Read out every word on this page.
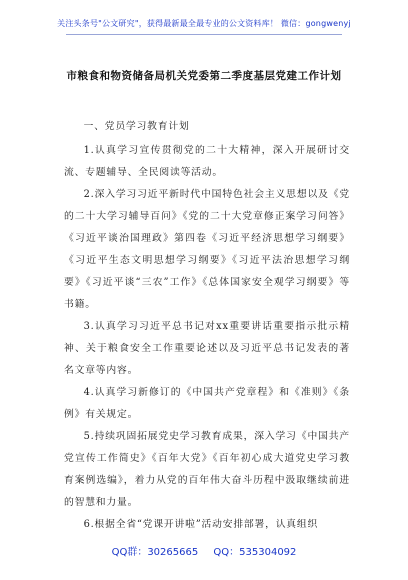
关注头条号"公文研究"，获得最新最全最专业的公文资料库！ 微信：gongwenyj
市粮食和物资储备局机关党委第二季度基层党建工作计划

一、党员学习教育计划

1.认真学习宣传贯彻党的二十大精神，深入开展研讨交流、专题辅导、全民阅读等活动。

2.深入学习习近平新时代中国特色社会主义思想以及《党的二十大学习辅导百问》《党的二十大党章修正案学习问答》《习近平谈治国理政》第四卷《习近平经济思想学习纲要》《习近平生态文明思想学习纲要》《习近平法治思想学习纲要》《习近平谈“三农”工作》《总体国家安全观学习纲要》等书籍。

3.认真学习习近平总书记对xx重要讲话重要指示批示精神、关于粮食安全工作重要论述以及习近平总书记发表的著名文章等内容。

4.认真学习新修订的《中国共产党章程》和《准则》《条例》有关规定。

5.持续巩固拓展党史学习教育成果，深入学习《中国共产党宣传工作简史》《百年大党》《百年初心成大道党史学习教育案例选编》，着力从党的百年伟大奋斗历程中汲取继续前进的智慧和力量。

6.根据全省“党课开讲啦”活动安排部署，认真组织

QQ群：30265665 QQ：535304092
